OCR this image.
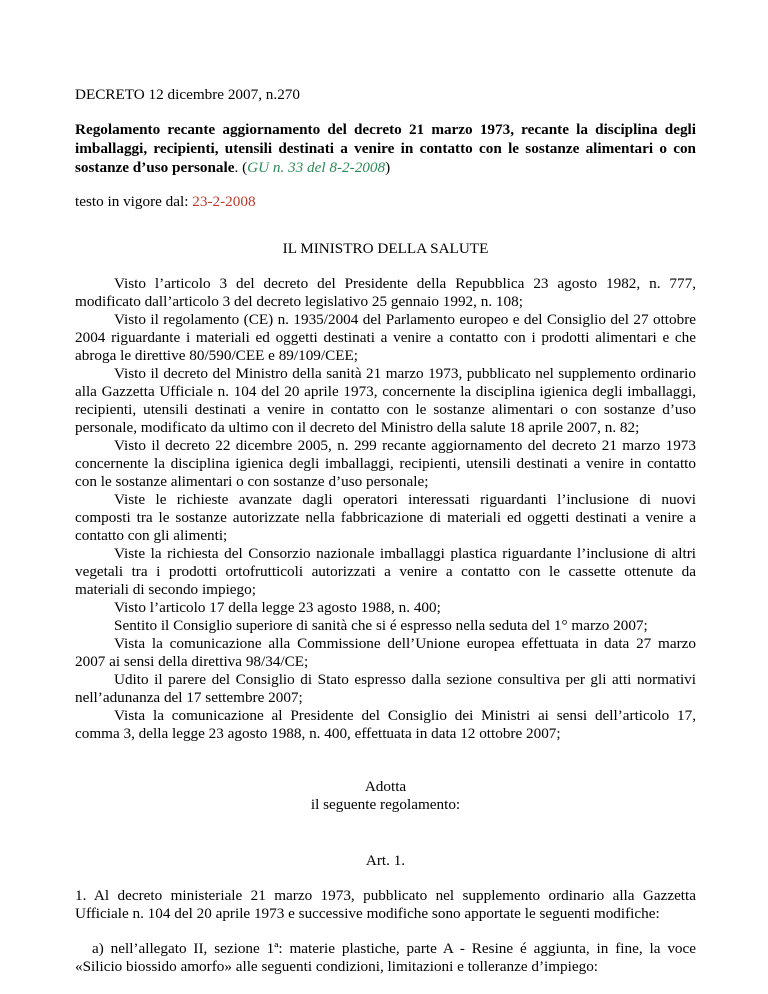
DECRETO 12 dicembre 2007, n.270
Regolamento recante aggiornamento del decreto 21 marzo 1973, recante la disciplina degli
imballaggi, recipienti, utensili destinati a venire in contatto con le sostanze alimentari o con
sostanze d’uso personale. (GU n. 33 del 8-2-2008)
testo in vigore dal: 23-2-2008
IL MINISTRO DELLA SALUTE
Visto l’articolo 3 del decreto del Presidente della Repubblica 23 agosto 1982, n. 777,
modificato dall’articolo 3 del decreto legislativo 25 gennaio 1992, n. 108;
Visto il regolamento (CE) n. 1935/2004 del Parlamento europeo e del Consiglio del 27 ottobre
2004 riguardante i materiali ed oggetti destinati a venire a contatto con i prodotti alimentari e che
abroga le direttive 80/590/CEE e 89/109/CEE;
Visto il decreto del Ministro della sanità 21 marzo 1973, pubblicato nel supplemento ordinario
alla Gazzetta Ufficiale n. 104 del 20 aprile 1973, concernente la disciplina igienica degli imballaggi,
recipienti, utensili destinati a venire in contatto con le sostanze alimentari o con sostanze d’uso
personale, modificato da ultimo con il decreto del Ministro della salute 18 aprile 2007, n. 82;
Visto il decreto 22 dicembre 2005, n. 299 recante aggiornamento del decreto 21 marzo 1973
concernente la disciplina igienica degli imballaggi, recipienti, utensili destinati a venire in contatto
con le sostanze alimentari o con sostanze d’uso personale;
Viste le richieste avanzate dagli operatori interessati riguardanti l’inclusione di nuovi
composti tra le sostanze autorizzate nella fabbricazione di materiali ed oggetti destinati a venire a
contatto con gli alimenti;
Viste la richiesta del Consorzio nazionale imballaggi plastica riguardante l’inclusione di altri
vegetali tra i prodotti ortofrutticoli autorizzati a venire a contatto con le cassette ottenute da
materiali di secondo impiego;
Visto l’articolo 17 della legge 23 agosto 1988, n. 400;
Sentito il Consiglio superiore di sanità che si é espresso nella seduta del 1° marzo 2007;
Vista la comunicazione alla Commissione dell’Unione europea effettuata in data 27 marzo
2007 ai sensi della direttiva 98/34/CE;
Udito il parere del Consiglio di Stato espresso dalla sezione consultiva per gli atti normativi
nell’adunanza del 17 settembre 2007;
Vista la comunicazione al Presidente del Consiglio dei Ministri ai sensi dell’articolo 17,
comma 3, della legge 23 agosto 1988, n. 400, effettuata in data 12 ottobre 2007;
Adotta
il seguente regolamento:
Art. 1.
1. Al decreto ministeriale 21 marzo 1973, pubblicato nel supplemento ordinario alla Gazzetta
Ufficiale n. 104 del 20 aprile 1973 e successive modifiche sono apportate le seguenti modifiche:
a) nell’allegato II, sezione 1ª: materie plastiche, parte A - Resine é aggiunta, in fine, la voce
«Silicio biossido amorfo» alle seguenti condizioni, limitazioni e tolleranze d’impiego:
